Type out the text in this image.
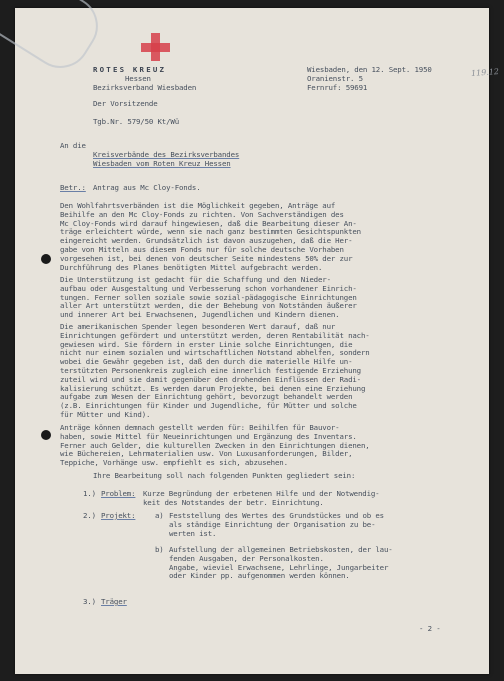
ROTES KREUZ
Hessen
Bezirksverband Wiesbaden
Der Vorsitzende
Tgb.Nr. 579/50 Kt/Wü
Wiesbaden, den 12. Sept. 1950
Oranienstr. 5
Fernruf: 59691
119.12
An die
Kreisverbände des Bezirksverbandes
Wiesbaden vom Roten Kreuz Hessen
Betr.: Antrag aus Mc Cloy-Fonds.
Den Wohlfahrtsverbänden ist die Möglichkeit gegeben, Anträge auf
Beihilfe an den Mc Cloy-Fonds zu richten. Von Sachverständigen des
Mc Cloy-Fonds wird darauf hingewiesen, daß die Bearbeitung dieser An-
träge erleichtert würde, wenn sie nach ganz bestimmten Gesichtspunkten
eingereicht werden. Grundsätzlich ist davon auszugehen, daß die Her-
gabe von Mitteln aus diesem Fonds nur für solche deutsche Vorhaben
vorgesehen ist, bei denen von deutscher Seite mindestens 50% der zur
Durchführung des Planes benötigten Mittel aufgebracht werden.
Die Unterstützung ist gedacht für die Schaffung und den Nieder-
aufbau oder Ausgestaltung und Verbesserung schon vorhandener Einrich-
tungen. Ferner sollen soziale sowie sozial-pädagogische Einrichtungen
aller Art unterstützt werden, die der Behebung von Notständen äußerer
und innerer Art bei Erwachsenen, Jugendlichen und Kindern dienen.
Die amerikanischen Spender legen besonderen Wert darauf, daß nur
Einrichtungen gefördert und unterstützt werden, deren Rentabilität nach-
gewiesen wird. Sie fördern in erster Linie solche Einrichtungen, die
nicht nur einem sozialen und wirtschaftlichen Notstand abhelfen, sondern
wobei die Gewähr gegeben ist, daß den durch die materielle Hilfe un-
terstützten Personenkreis zugleich eine innerlich festigende Erziehung
zuteil wird und sie damit gegenüber den drohenden Einflüssen der Radi-
kalisierung schützt. Es werden darum Projekte, bei denen eine Erziehung
aufgabe zum Wesen der Einrichtung gehört, bevorzugt behandelt werden
(z.B. Einrichtungen für Kinder und Jugendliche, für Mütter und solche
für Mütter und Kind).
Anträge können demnach gestellt werden für: Beihilfen für Bauvor-
haben, sowie Mittel für Neueinrichtungen und Ergänzung des Inventars.
Ferner auch Gelder, die kulturellen Zwecken in den Einrichtungen dienen,
wie Büchereien, Lehrmaterialien usw. Von Luxusanforderungen, Bilder,
Teppiche, Vorhänge usw. empfiehlt es sich, abzusehen.
Ihre Bearbeitung soll nach folgenden Punkten gegliedert sein:
1.) Problem: Kurze Begründung der erbetenen Hilfe und der Notwendig-
keit des Notstandes der betr. Einrichtung.
2.) Projekt:	a) Feststellung des Wertes des Grundstückes und ob es
als ständige Einrichtung der Organisation zu be-
werten ist.
b) Aufstellung der allgemeinen Betriebskosten, der lau-
fenden Ausgaben, der Personalkosten.
Angabe, wieviel Erwachsene, Lehrlinge, Jungarbeiter
oder Kinder pp. aufgenommen werden können.
3.) Träger
- 2 -
